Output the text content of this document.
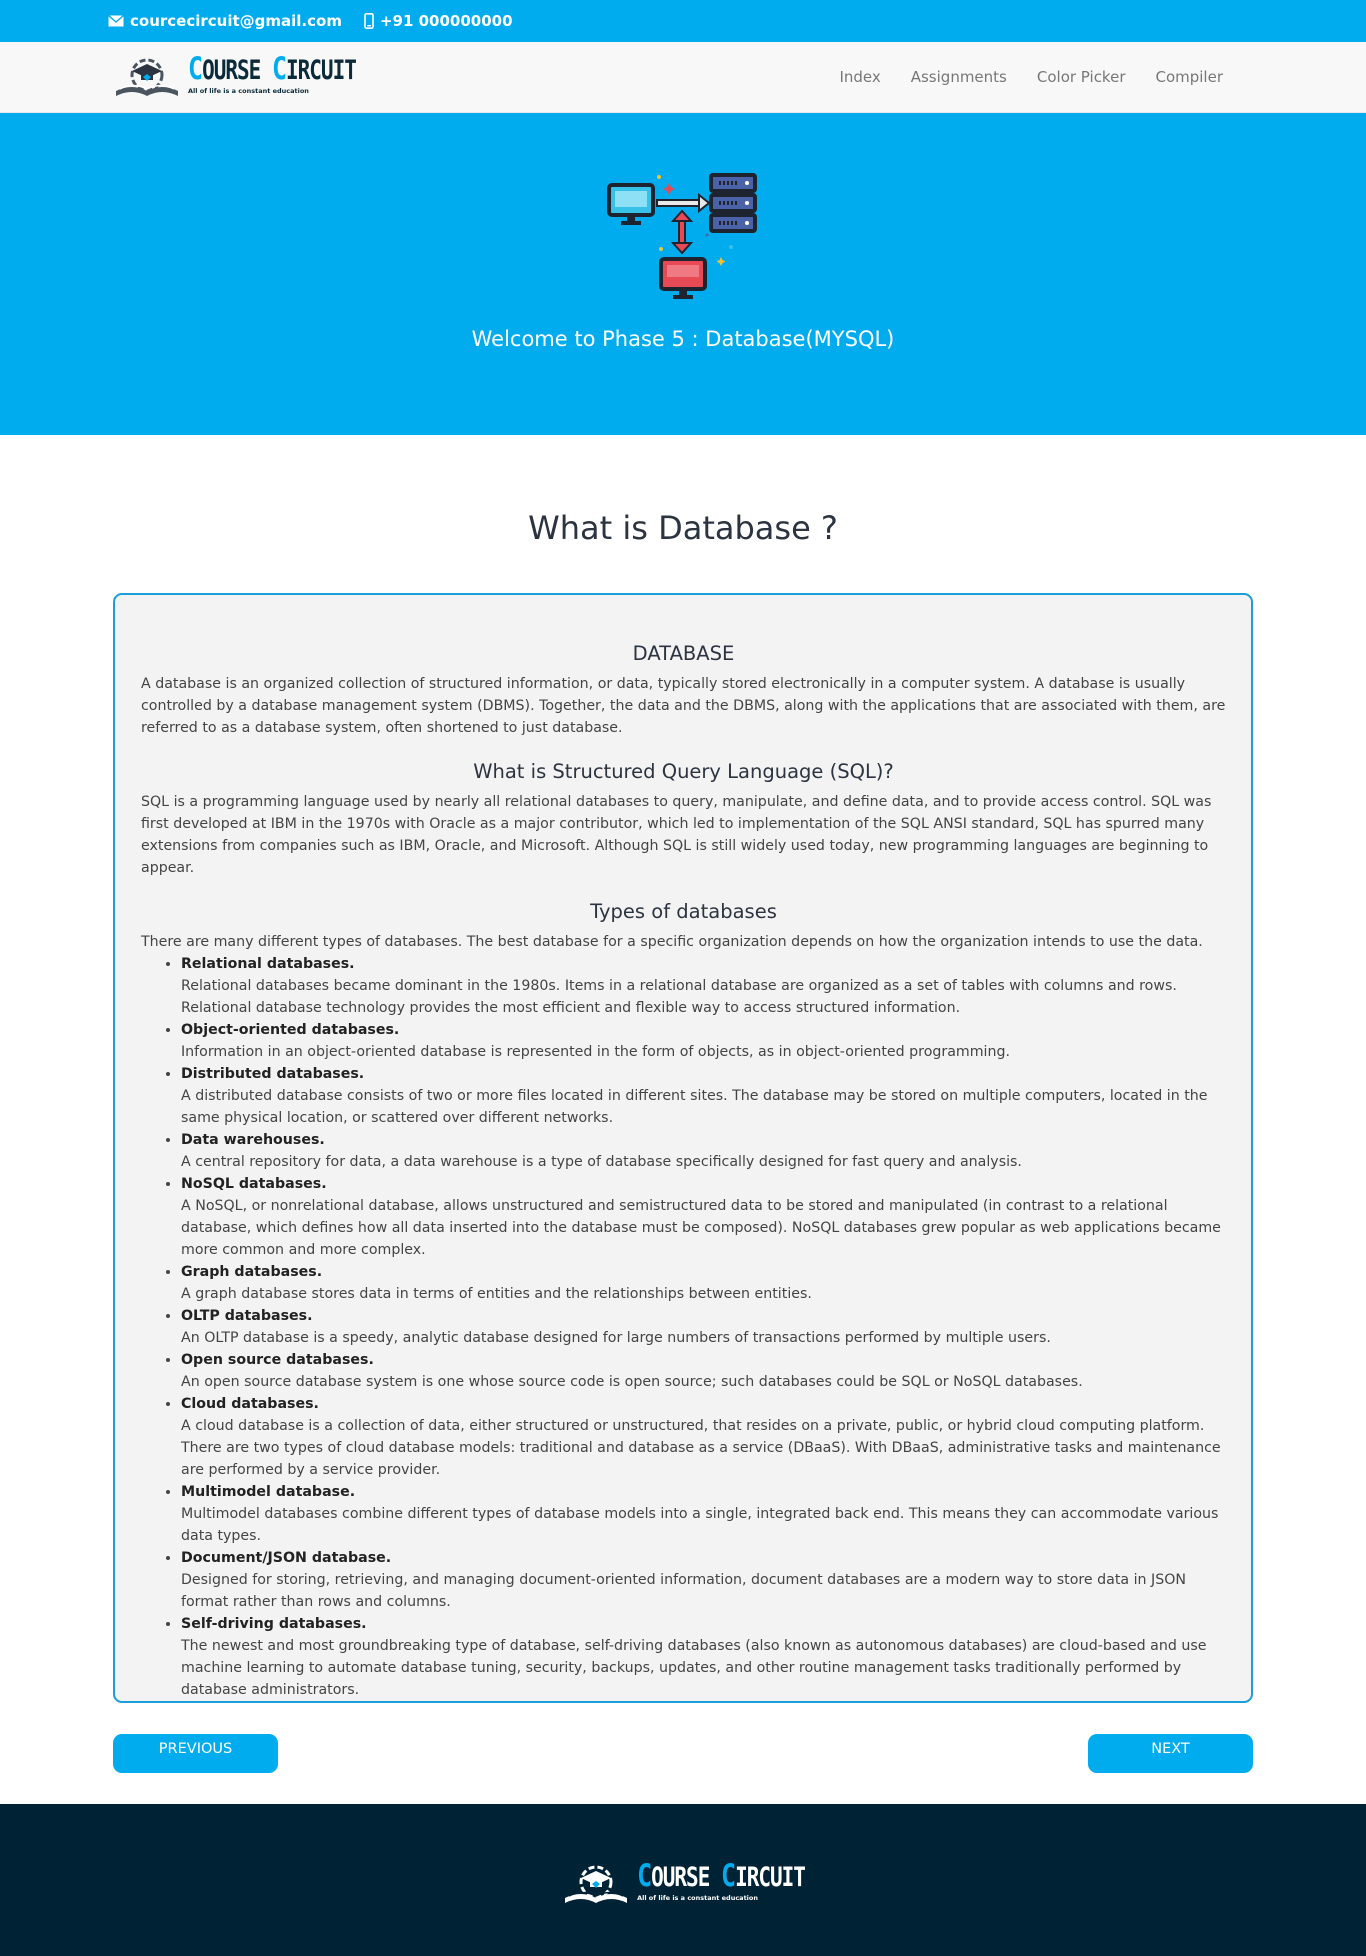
courcecircuit@gmail.com	+91 000000000
COURSE CIRCUIT
All of life is a constant education
Index Assignments Color Picker Compiler
Welcome to Phase 5 : Database(MYSQL)
What is Database ?
DATABASE

A database is an organized collection of structured information, or data, typically stored electronically in a computer system. A database is usually controlled by a database management system (DBMS). Together, the data and the DBMS, along with the applications that are associated with them, are referred to as a database system, often shortened to just database.

What is Structured Query Language (SQL)?

SQL is a programming language used by nearly all relational databases to query, manipulate, and define data, and to provide access control. SQL was first developed at IBM in the 1970s with Oracle as a major contributor, which led to implementation of the SQL ANSI standard, SQL has spurred many extensions from companies such as IBM, Oracle, and Microsoft. Although SQL is still widely used today, new programming languages are beginning to appear.

Types of databases

There are many different types of databases. The best database for a specific organization depends on how the organization intends to use the data.

• Relational databases.
Relational databases became dominant in the 1980s. Items in a relational database are organized as a set of tables with columns and rows. Relational database technology provides the most efficient and flexible way to access structured information.
• Object-oriented databases.
Information in an object-oriented database is represented in the form of objects, as in object-oriented programming.
• Distributed databases.
A distributed database consists of two or more files located in different sites. The database may be stored on multiple computers, located in the same physical location, or scattered over different networks.
• Data warehouses.
A central repository for data, a data warehouse is a type of database specifically designed for fast query and analysis.
• NoSQL databases.
A NoSQL, or nonrelational database, allows unstructured and semistructured data to be stored and manipulated (in contrast to a relational database, which defines how all data inserted into the database must be composed). NoSQL databases grew popular as web applications became more common and more complex.
• Graph databases.
A graph database stores data in terms of entities and the relationships between entities.
• OLTP databases.
An OLTP database is a speedy, analytic database designed for large numbers of transactions performed by multiple users.
• Open source databases.
An open source database system is one whose source code is open source; such databases could be SQL or NoSQL databases.
• Cloud databases.
A cloud database is a collection of data, either structured or unstructured, that resides on a private, public, or hybrid cloud computing platform. There are two types of cloud database models: traditional and database as a service (DBaaS). With DBaaS, administrative tasks and maintenance are performed by a service provider.
• Multimodel database.
Multimodel databases combine different types of database models into a single, integrated back end. This means they can accommodate various data types.
• Document/JSON database.
Designed for storing, retrieving, and managing document-oriented information, document databases are a modern way to store data in JSON format rather than rows and columns.
• Self-driving databases.
The newest and most groundbreaking type of database, self-driving databases (also known as autonomous databases) are cloud-based and use machine learning to automate database tuning, security, backups, updates, and other routine management tasks traditionally performed by database administrators.
PREVIOUS	NEXT
COURSE CIRCUIT
All of life is a constant education
